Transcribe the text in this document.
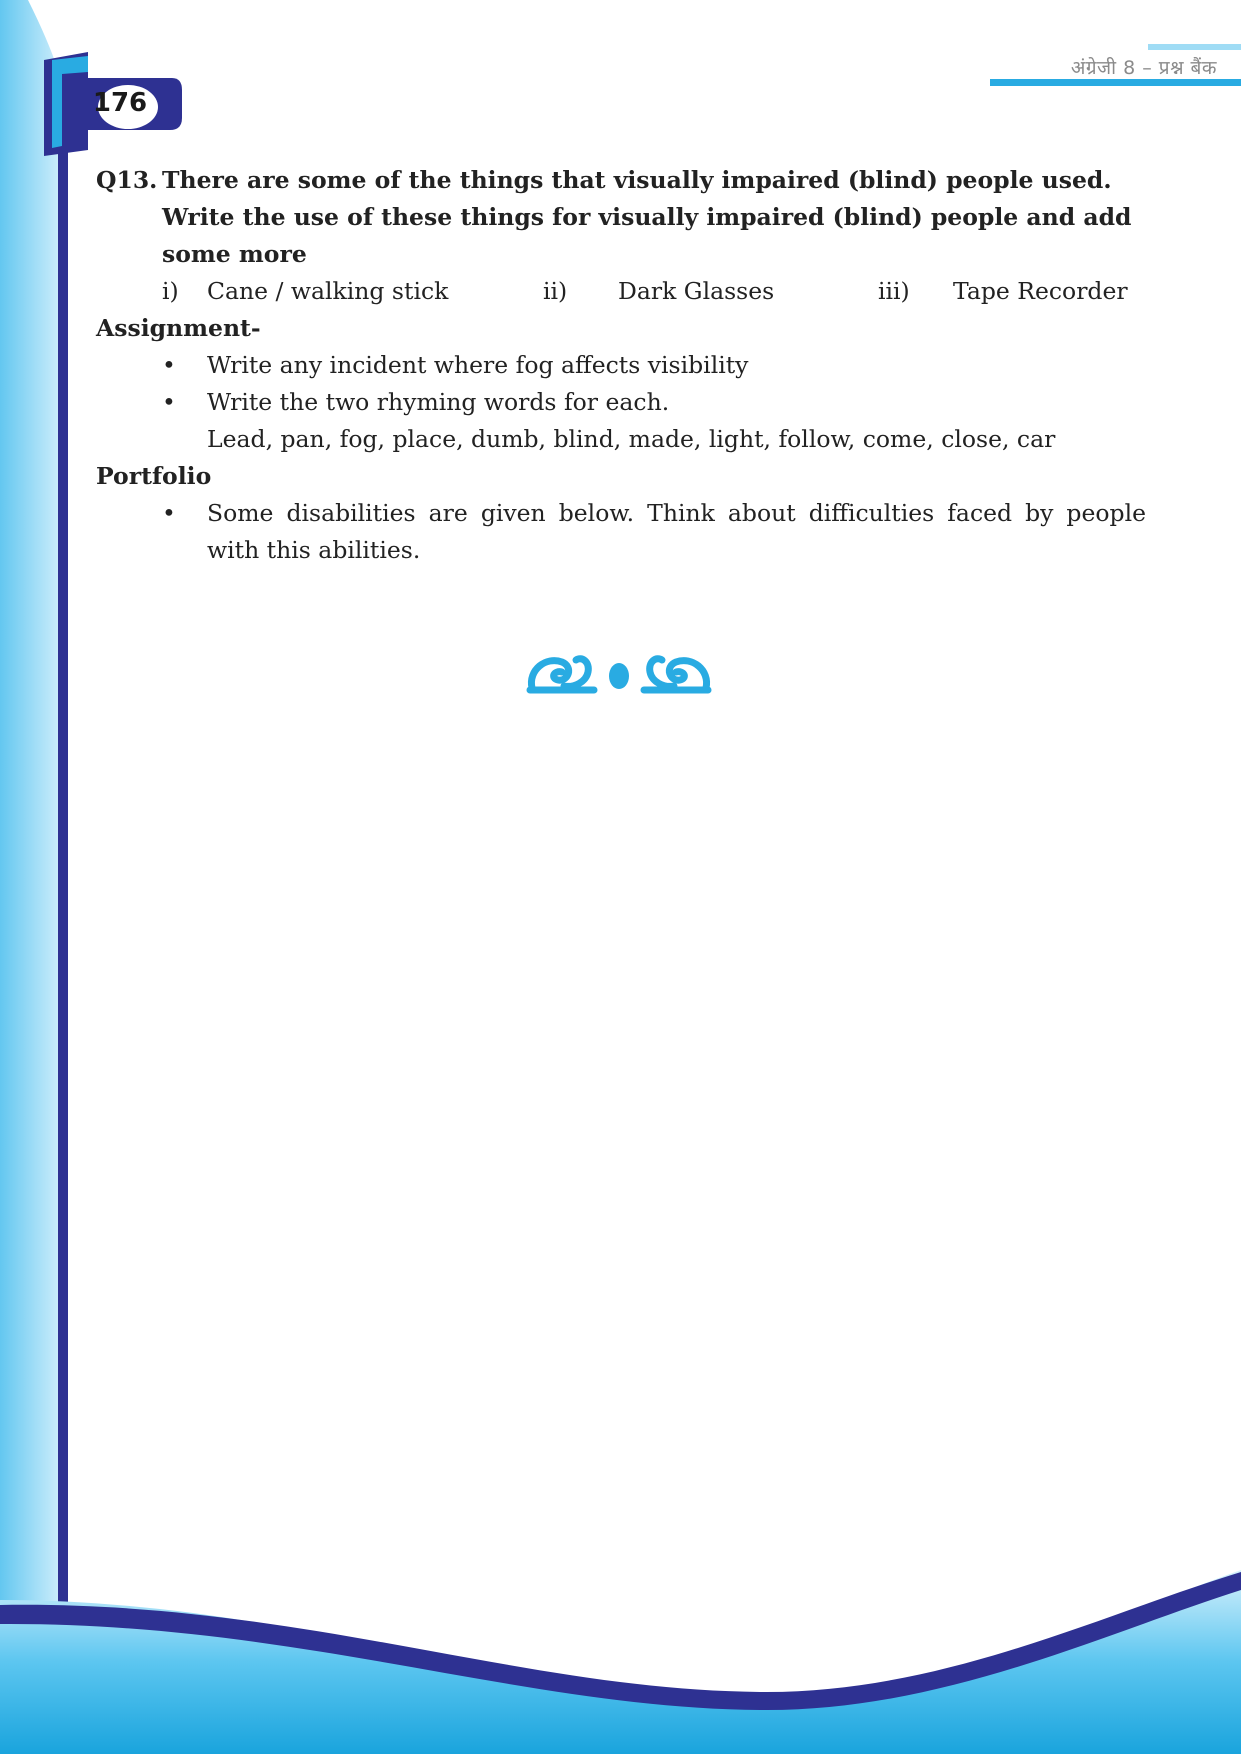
अंग्रेजी 8 – प्रश्न बैंक
176
Q13. There are some of the things that visually impaired (blind) people used. Write the use of these things for visually impaired (blind) people and add some more
i)	Cane / walking stick	ii)	Dark Glasses	iii)	Tape Recorder
Assignment-
•	Write any incident where fog affects visibility
•	Write the two rhyming words for each.
Lead, pan, fog, place, dumb, blind, made, light, follow, come, close, car
Portfolio
•	Some disabilities are given below. Think about difficulties faced by people with this abilities.
